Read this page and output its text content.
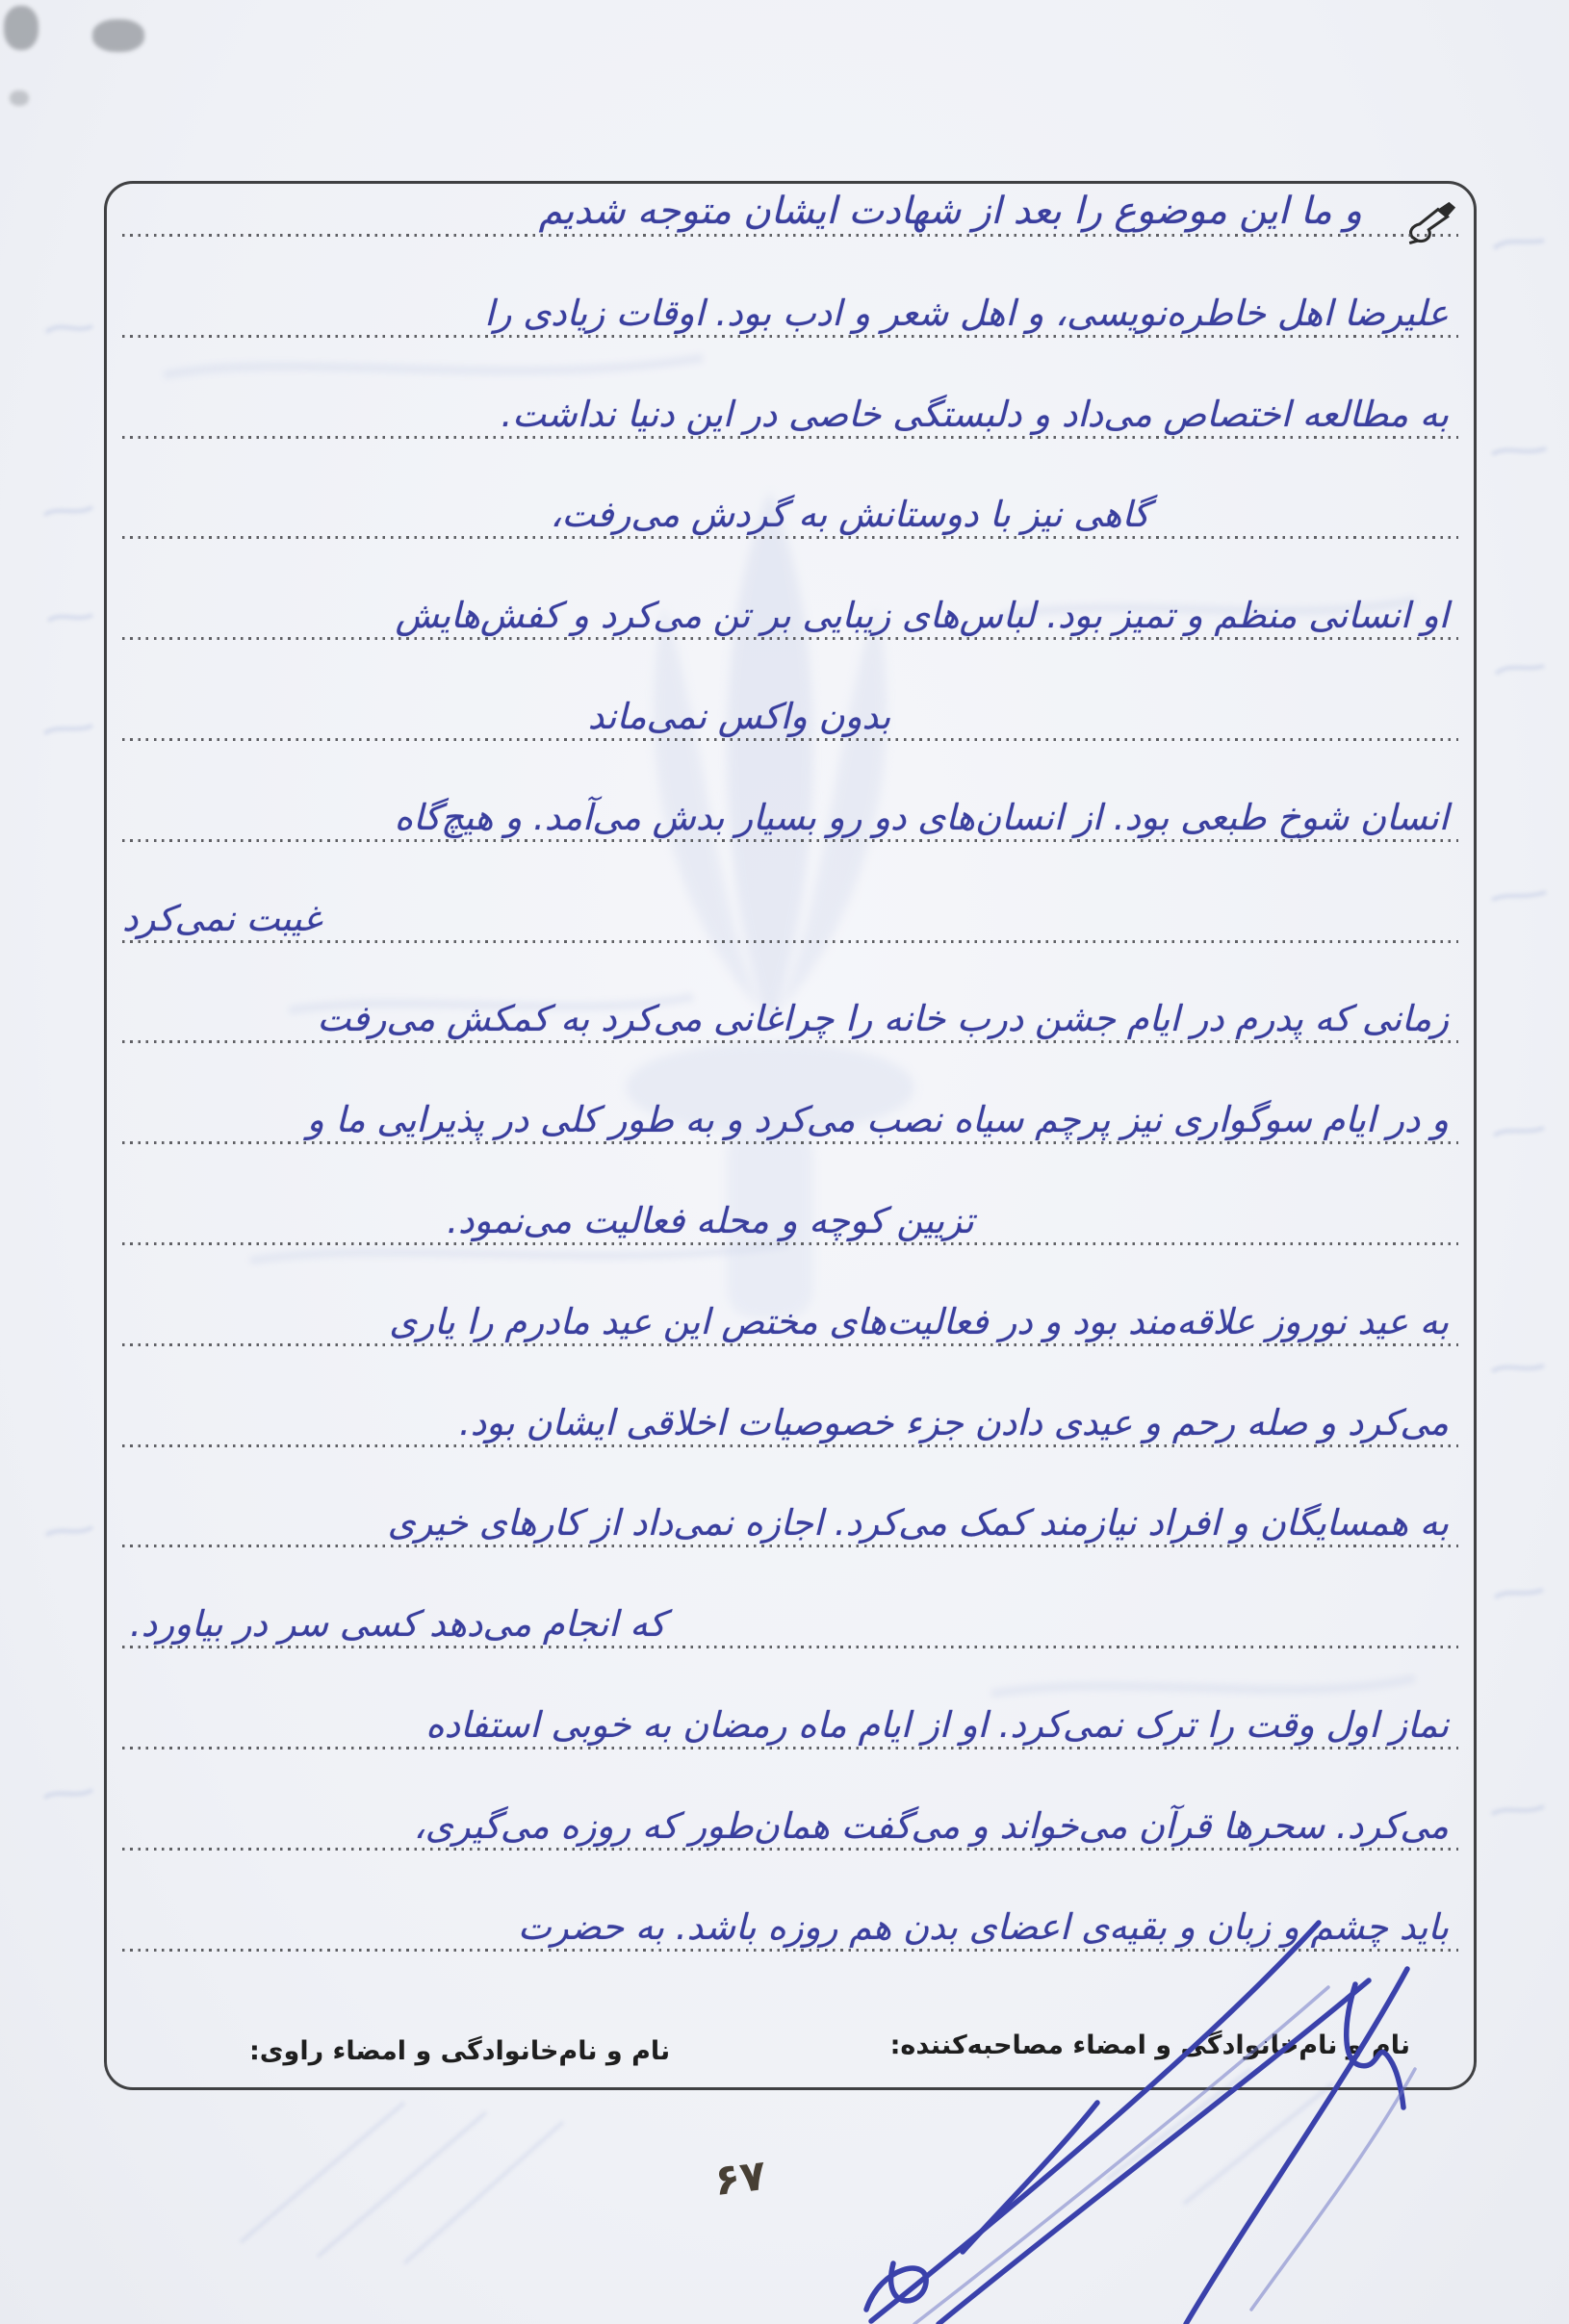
و ما این موضوع را بعد از شهادت ایشان متوجه شدیم
علیرضا اهل خاطره‌نویسی، و اهل شعر و ادب بود. اوقات زیادی را
به مطالعه اختصاص می‌داد و دلبستگی خاصی در این دنیا نداشت.
گاهی نیز با دوستانش به گردش می‌رفت،
او انسانی منظم و تمیز بود. لباس‌های زیبایی بر تن می‌کرد و کفش‌هایش
بدون واکس نمی‌ماند
انسان شوخ طبعی بود. از انسان‌های دو رو بسیار بدش می‌آمد. و هیچ‌گاه
غیبت نمی‌کرد
زمانی که پدرم در ایام جشن درب خانه را چراغانی می‌کرد به کمکش می‌رفت
و در ایام سوگواری نیز پرچم سیاه نصب می‌کرد و به طور کلی در پذیرایی ما و
تزیین کوچه و محله فعالیت می‌نمود.
به عید نوروز علاقه‌مند بود و در فعالیت‌های مختص این عید مادرم را یاری
می‌کرد و صله رحم و عیدی دادن جزء خصوصیات اخلاقی ایشان بود.
به همسایگان و افراد نیازمند کمک می‌کرد. اجازه نمی‌داد از کارهای خیری
که انجام می‌دهد کسی سر در بیاورد.
نماز اول وقت را ترک نمی‌کرد. او از ایام ماه رمضان به خوبی استفاده
می‌کرد. سحرها قرآن می‌خواند و می‌گفت همان‌طور که روزه می‌گیری،
باید چشم و زبان و بقیه‌ی اعضای بدن هم روزه باشد. به حضرت
نام و نام‌خانوادگی و امضاء مصاحبه‌کننده:
نام و نام‌خانوادگی و امضاء راوی:
۶۷
